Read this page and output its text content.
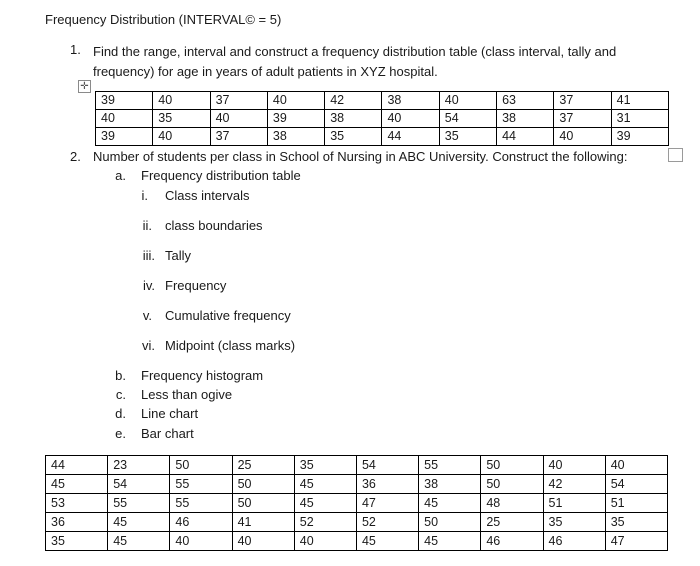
Frequency Distribution (INTERVAL© = 5)
1. Find the range, interval and construct a frequency distribution table (class interval, tally and frequency) for age in years of adult patients in XYZ hospital.
✛
39	40	37	40	42	38	40	63	37	41
40	35	40	39	38	40	54	38	37	31
39	40	37	38	35	44	35	44	40	39
2. Number of students per class in School of Nursing in ABC University. Construct the following:
a. Frequency distribution table
i. Class intervals
ii. class boundaries
iii. Tally
iv. Frequency
v. Cumulative frequency
vi. Midpoint (class marks)
b. Frequency histogram
c. Less than ogive
d. Line chart
e. Bar chart
44	23	50	25	35	54	55	50	40	40
45	54	55	50	45	36	38	50	42	54
53	55	55	50	45	47	45	48	51	51
36	45	46	41	52	52	50	25	35	35
35	45	40	40	40	45	45	46	46	47
